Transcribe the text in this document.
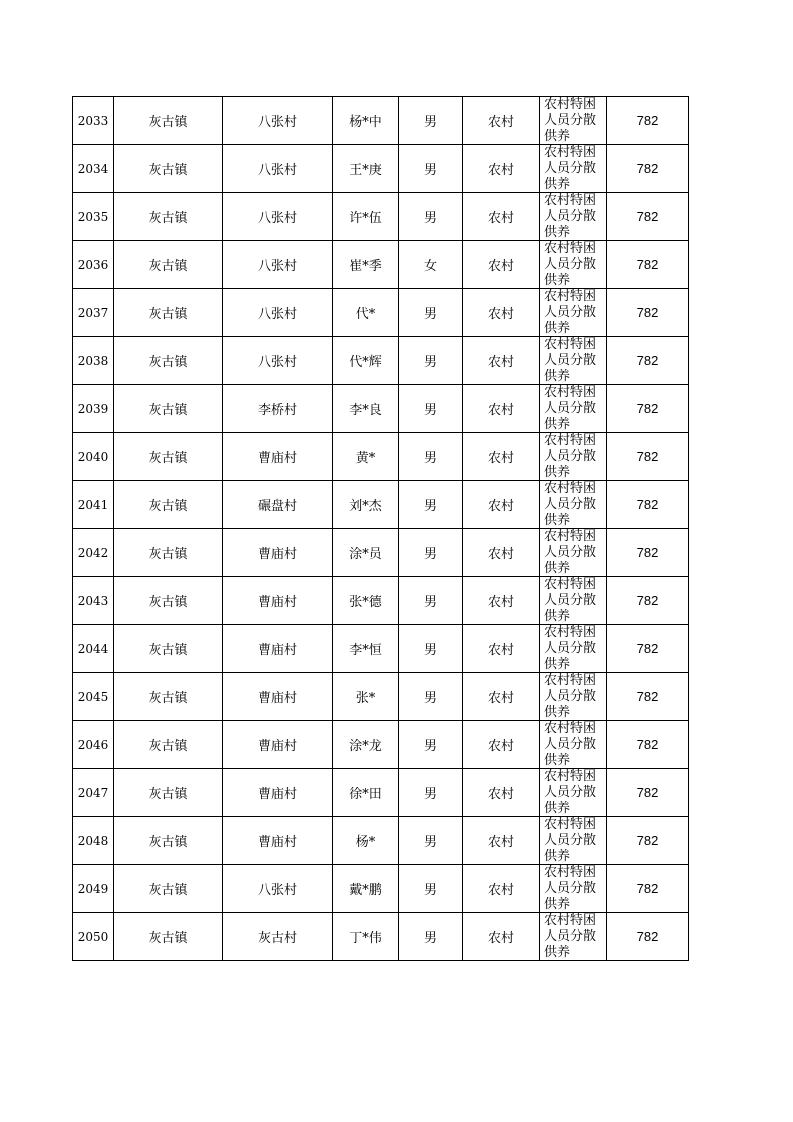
2033	灰古镇	八张村	杨*中	男	农村	农村特困人员分散供养	782
2034	灰古镇	八张村	王*庚	男	农村	农村特困人员分散供养	782
2035	灰古镇	八张村	许*伍	男	农村	农村特困人员分散供养	782
2036	灰古镇	八张村	崔*季	女	农村	农村特困人员分散供养	782
2037	灰古镇	八张村	代*	男	农村	农村特困人员分散供养	782
2038	灰古镇	八张村	代*辉	男	农村	农村特困人员分散供养	782
2039	灰古镇	李桥村	李*良	男	农村	农村特困人员分散供养	782
2040	灰古镇	曹庙村	黄*	男	农村	农村特困人员分散供养	782
2041	灰古镇	碾盘村	刘*杰	男	农村	农村特困人员分散供养	782
2042	灰古镇	曹庙村	涂*员	男	农村	农村特困人员分散供养	782
2043	灰古镇	曹庙村	张*德	男	农村	农村特困人员分散供养	782
2044	灰古镇	曹庙村	李*恒	男	农村	农村特困人员分散供养	782
2045	灰古镇	曹庙村	张*	男	农村	农村特困人员分散供养	782
2046	灰古镇	曹庙村	涂*龙	男	农村	农村特困人员分散供养	782
2047	灰古镇	曹庙村	徐*田	男	农村	农村特困人员分散供养	782
2048	灰古镇	曹庙村	杨*	男	农村	农村特困人员分散供养	782
2049	灰古镇	八张村	戴*鹏	男	农村	农村特困人员分散供养	782
2050	灰古镇	灰古村	丁*伟	男	农村	农村特困人员分散供养	782
